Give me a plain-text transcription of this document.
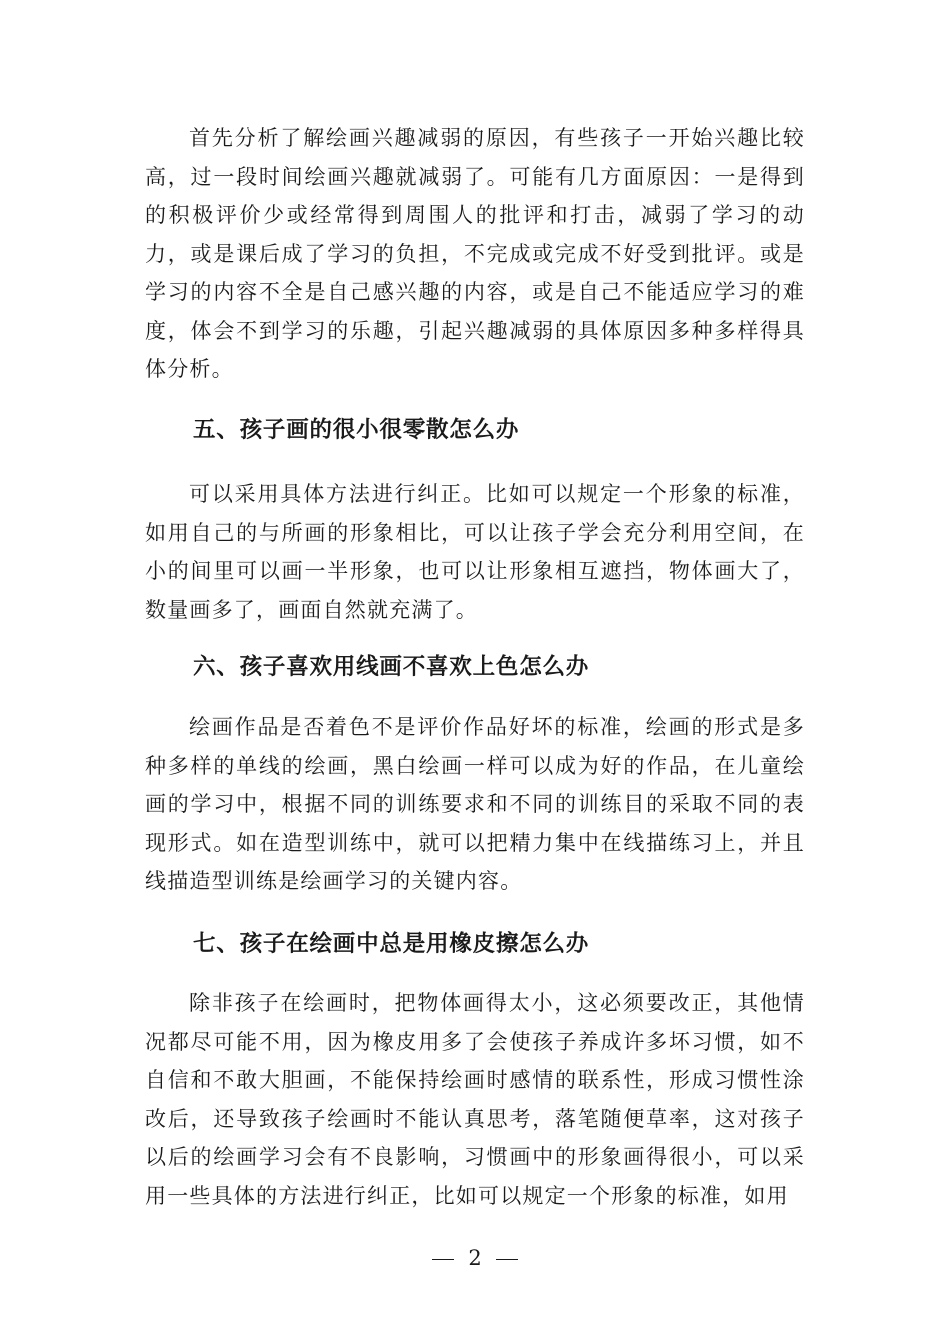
首先分析了解绘画兴趣减弱的原因，有些孩子一开始兴趣比较高，过一段时间绘画兴趣就减弱了。可能有几方面原因：一是得到的积极评价少或经常得到周围人的批评和打击，减弱了学习的动力，或是课后成了学习的负担，不完成或完成不好受到批评。或是学习的内容不全是自己感兴趣的内容，或是自己不能适应学习的难度，体会不到学习的乐趣，引起兴趣减弱的具体原因多种多样得具体分析。

五、孩子画的很小很零散怎么办

可以采用具体方法进行纠正。比如可以规定一个形象的标准，如用自己的与所画的形象相比，可以让孩子学会充分利用空间，在小的间里可以画一半形象，也可以让形象相互遮挡，物体画大了，数量画多了，画面自然就充满了。

六、孩子喜欢用线画不喜欢上色怎么办

绘画作品是否着色不是评价作品好坏的标准，绘画的形式是多种多样的单线的绘画，黑白绘画一样可以成为好的作品，在儿童绘画的学习中，根据不同的训练要求和不同的训练目的采取不同的表现形式。如在造型训练中，就可以把精力集中在线描练习上，并且线描造型训练是绘画学习的关键内容。

七、孩子在绘画中总是用橡皮擦怎么办

除非孩子在绘画时，把物体画得太小，这必须要改正，其他情况都尽可能不用，因为橡皮用多了会使孩子养成许多坏习惯，如不自信和不敢大胆画，不能保持绘画时感情的联系性，形成习惯性涂改后，还导致孩子绘画时不能认真思考，落笔随便草率，这对孩子以后的绘画学习会有不良影响，习惯画中的形象画得很小，可以采用一些具体的方法进行纠正，比如可以规定一个形象的标准，如用

2
